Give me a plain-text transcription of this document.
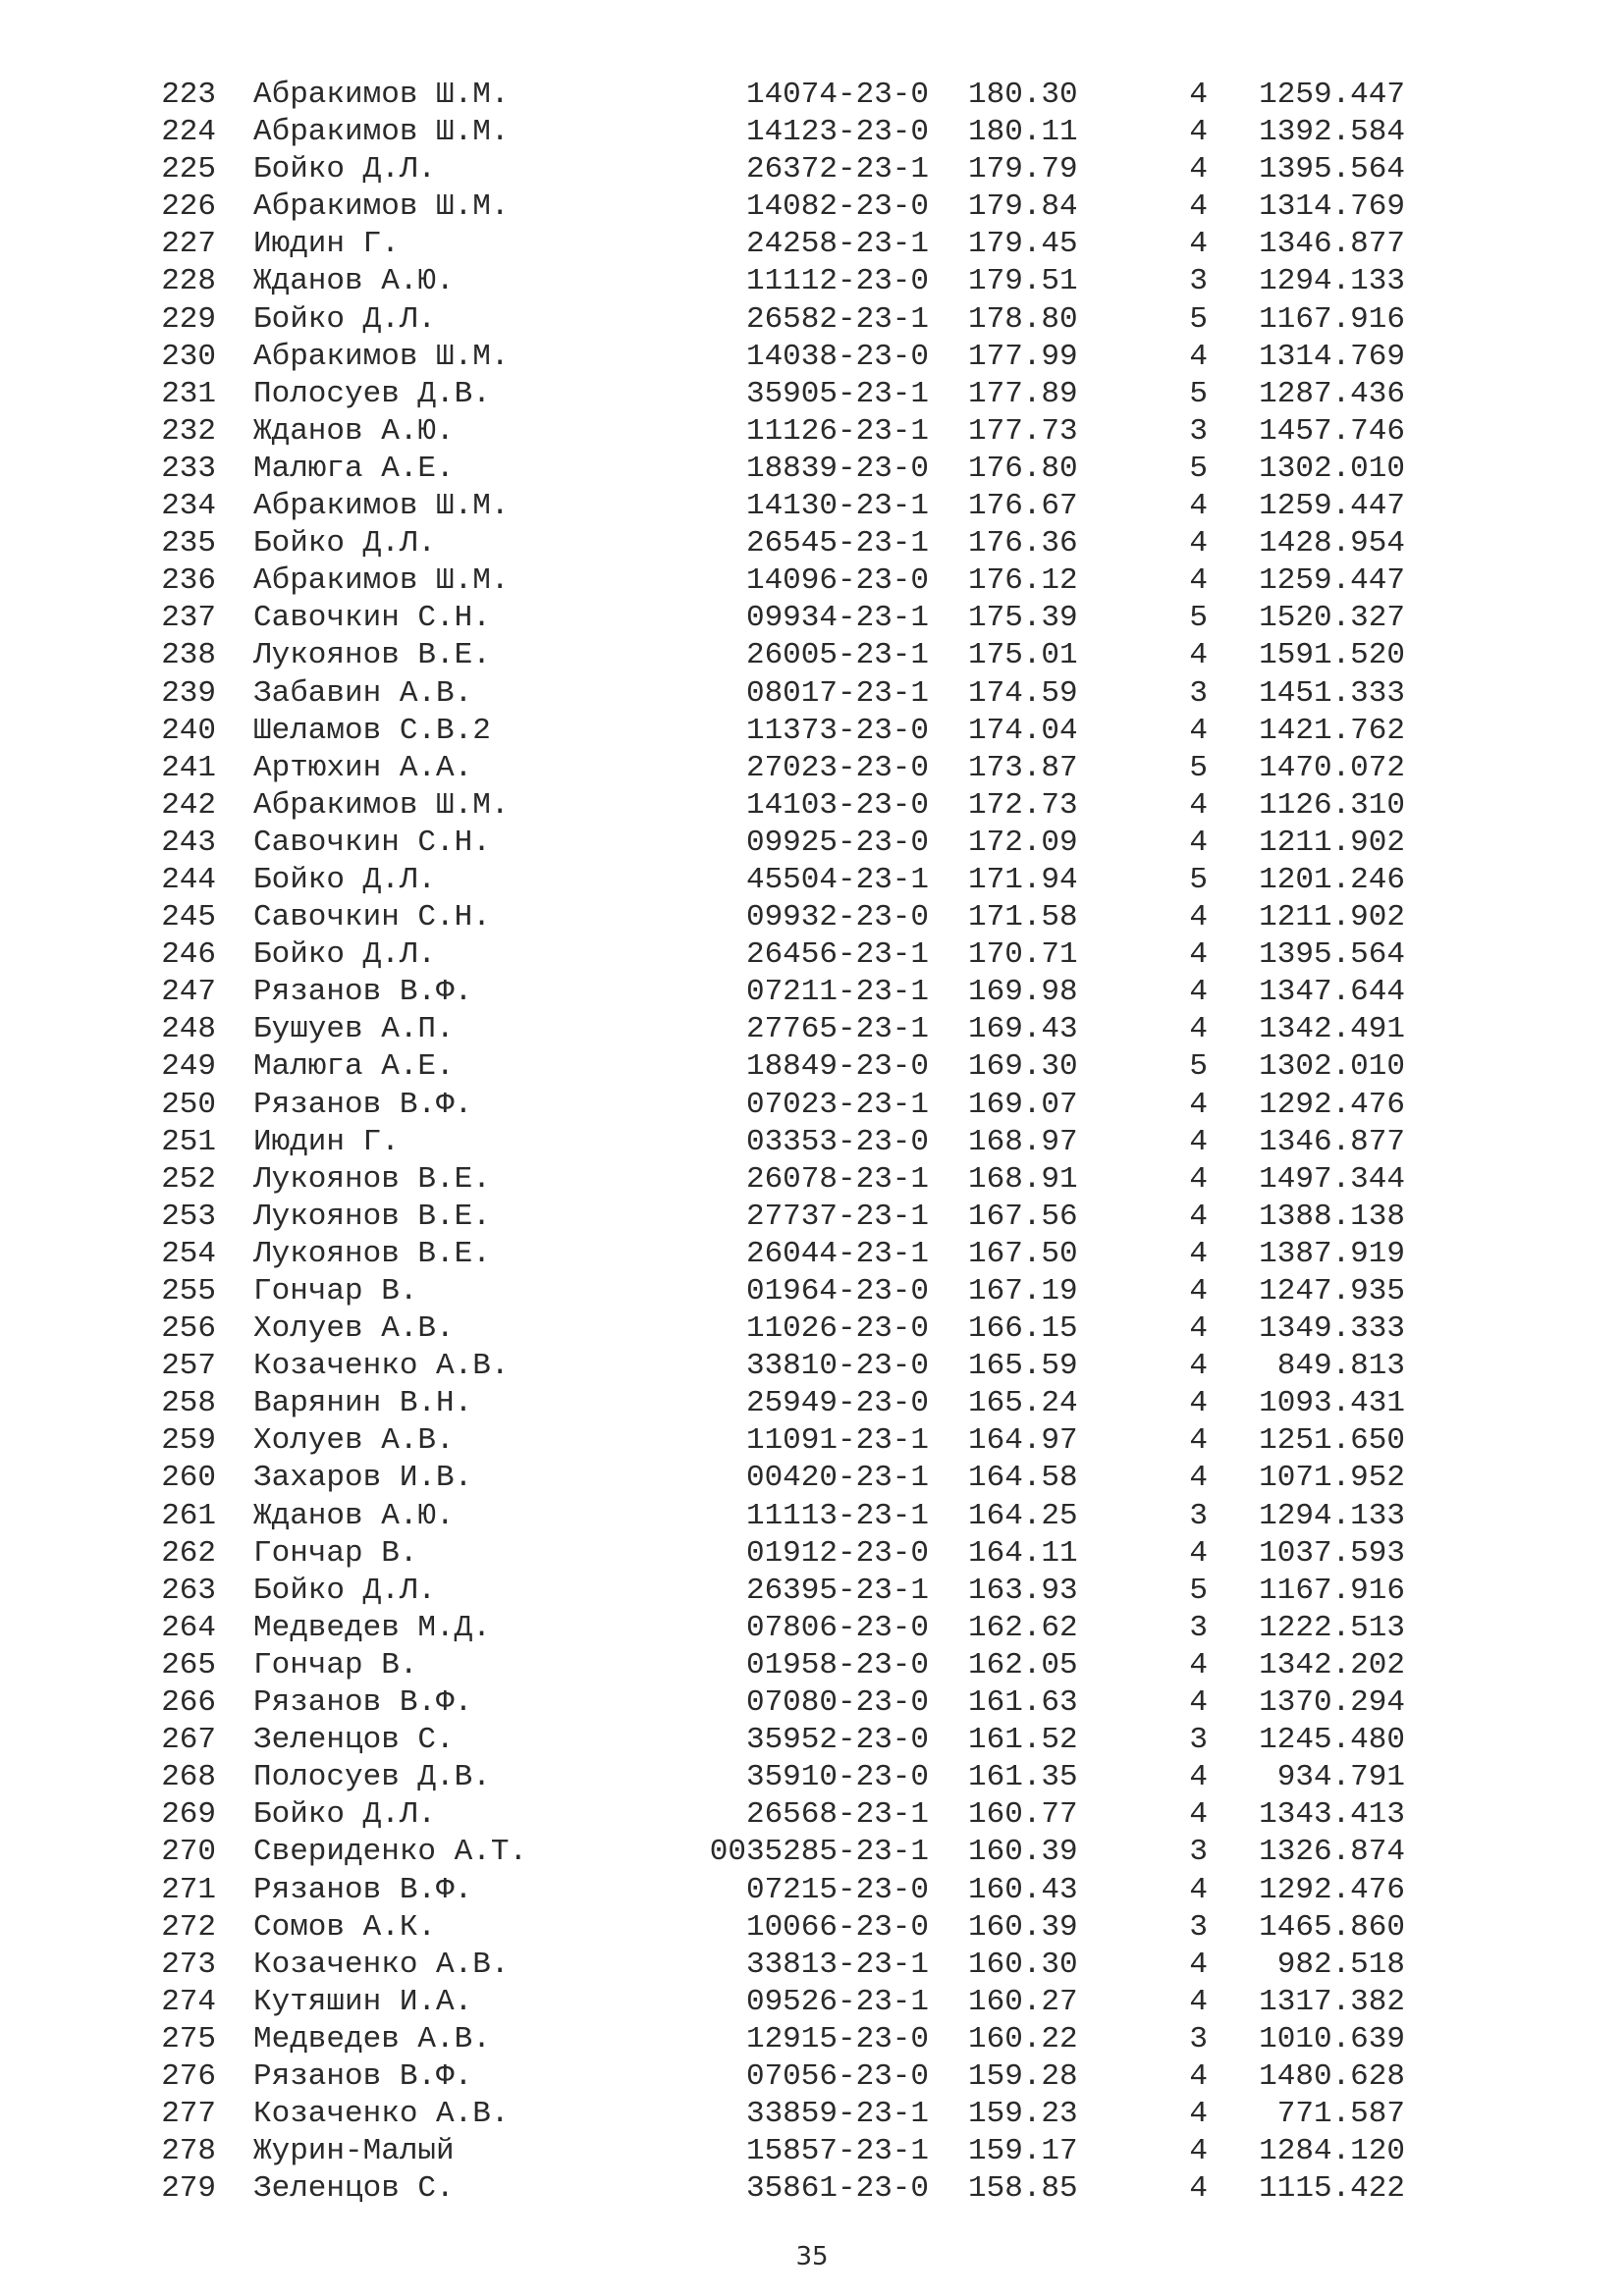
223 Абракимов Ш.М.	14074-23-0 180.30	4	1259.447
224 Абракимов Ш.М.	14123-23-0 180.11	4	1392.584
225 Бойко Д.Л.	26372-23-1 179.79	4	1395.564
226 Абракимов Ш.М.	14082-23-0 179.84	4	1314.769
227 Июдин Г.	24258-23-1 179.45	4	1346.877
228 Жданов А.Ю.	11112-23-0 179.51	3	1294.133
229 Бойко Д.Л.	26582-23-1 178.80	5	1167.916
230 Абракимов Ш.М.	14038-23-0 177.99	4	1314.769
231 Полосуев Д.В.	35905-23-1 177.89	5	1287.436
232 Жданов А.Ю.	11126-23-1 177.73	3	1457.746
233 Малюга А.Е.	18839-23-0 176.80	5	1302.010
234 Абракимов Ш.М.	14130-23-1 176.67	4	1259.447
235 Бойко Д.Л.	26545-23-1 176.36	4	1428.954
236 Абракимов Ш.М.	14096-23-0 176.12	4	1259.447
237 Савочкин С.Н.	09934-23-1 175.39	5	1520.327
238 Лукоянов В.Е.	26005-23-1 175.01	4	1591.520
239 Забавин А.В.	08017-23-1 174.59	3	1451.333
240 Шеламов С.В.2	11373-23-0 174.04	4	1421.762
241 Артюхин А.А.	27023-23-0 173.87	5	1470.072
242 Абракимов Ш.М.	14103-23-0 172.73	4	1126.310
243 Савочкин С.Н.	09925-23-0 172.09	4	1211.902
244 Бойко Д.Л.	45504-23-1 171.94	5	1201.246
245 Савочкин С.Н.	09932-23-0 171.58	4	1211.902
246 Бойко Д.Л.	26456-23-1 170.71	4	1395.564
247 Рязанов В.Ф.	07211-23-1 169.98	4	1347.644
248 Бушуев А.П.	27765-23-1 169.43	4	1342.491
249 Малюга А.Е.	18849-23-0 169.30	5	1302.010
250 Рязанов В.Ф.	07023-23-1 169.07	4	1292.476
251 Июдин Г.	03353-23-0 168.97	4	1346.877
252 Лукоянов В.Е.	26078-23-1 168.91	4	1497.344
253 Лукоянов В.Е.	27737-23-1 167.56	4	1388.138
254 Лукоянов В.Е.	26044-23-1 167.50	4	1387.919
255 Гончар В.	01964-23-0 167.19	4	1247.935
256 Холуев А.В.	11026-23-0 166.15	4	1349.333
257 Козаченко А.В.	33810-23-0 165.59	4	849.813
258 Варянин В.Н.	25949-23-0 165.24	4	1093.431
259 Холуев А.В.	11091-23-1 164.97	4	1251.650
260 Захаров И.В.	00420-23-1 164.58	4	1071.952
261 Жданов А.Ю.	11113-23-1 164.25	3	1294.133
262 Гончар В.	01912-23-0 164.11	4	1037.593
263 Бойко Д.Л.	26395-23-1 163.93	5	1167.916
264 Медведев М.Д.	07806-23-0 162.62	3	1222.513
265 Гончар В.	01958-23-0 162.05	4	1342.202
266 Рязанов В.Ф.	07080-23-0 161.63	4	1370.294
267 Зеленцов С.	35952-23-0 161.52	3	1245.480
268 Полосуев Д.В.	35910-23-0 161.35	4	934.791
269 Бойко Д.Л.	26568-23-1 160.77	4	1343.413
270 Свериденко А.Т.	0035285-23-1 160.39	3	1326.874
271 Рязанов В.Ф.	07215-23-0 160.43	4	1292.476
272 Сомов А.К.	10066-23-0 160.39	3	1465.860
273 Козаченко А.В.	33813-23-1 160.30	4	982.518
274 Кутяшин И.А.	09526-23-1 160.27	4	1317.382
275 Медведев А.В.	12915-23-0 160.22	3	1010.639
276 Рязанов В.Ф.	07056-23-0 159.28	4	1480.628
277 Козаченко А.В.	33859-23-1 159.23	4	771.587
278 Журин-Малый	15857-23-1 159.17	4	1284.120
279 Зеленцов С.	35861-23-0 158.85	4	1115.422
35
